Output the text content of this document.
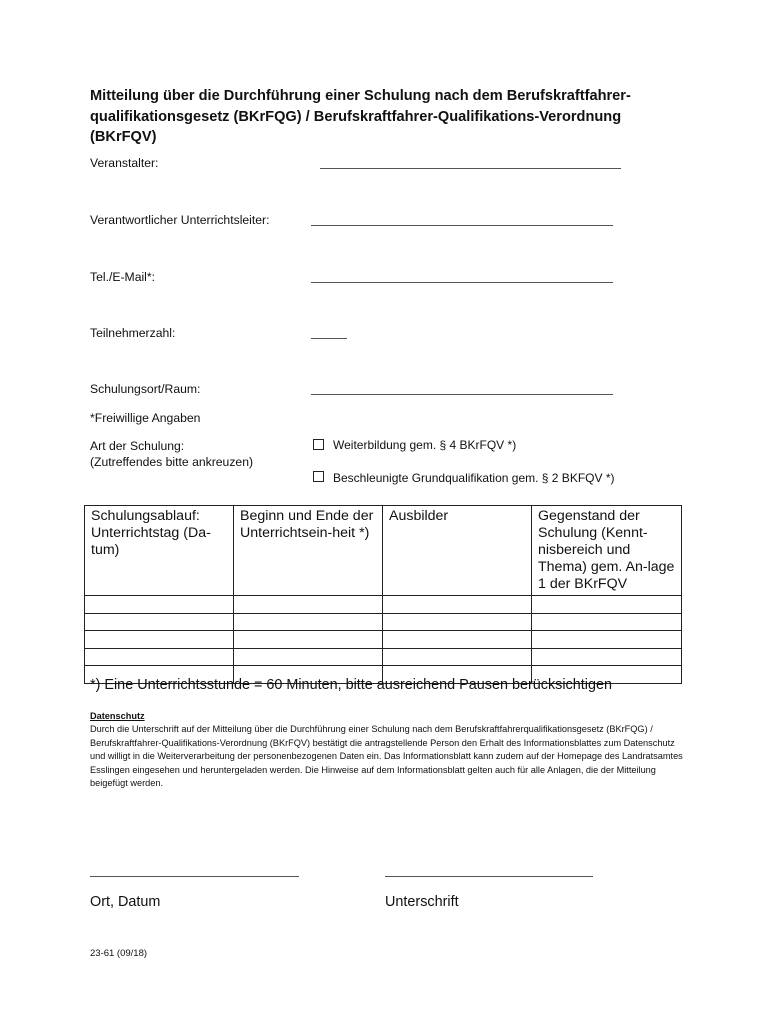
Mitteilung über die Durchführung einer Schulung nach dem Berufskraftfahrer-qualifikationsgesetz (BKrFQG) / Berufskraftfahrer-Qualifikations-Verordnung (BKrFQV)
Veranstalter:
Verantwortlicher Unterrichtsleiter:
Tel./E-Mail*:
Teilnehmerzahl:
Schulungsort/Raum:
*Freiwillige Angaben
Art der Schulung:
(Zutreffendes bitte ankreuzen)
Weiterbildung gem. § 4 BKrFQV *)
Beschleunigte Grundqualifikation gem. § 2 BKFQV *)
Schulungsablauf: Unterrichtstag (Da-tum)	Beginn und Ende der Unterrichtsein-heit *)	Ausbilder	Gegenstand der Schulung (Kennt-nisbereich und Thema) gem. An-lage 1 der BKrFQV

*) Eine Unterrichtsstunde = 60 Minuten, bitte ausreichend Pausen berücksichtigen
Datenschutz
Durch die Unterschrift auf der Mitteilung über die Durchführung einer Schulung nach dem Berufskraftfahrerqualifikationsgesetz (BKrFQG) / Berufskraftfahrer-Qualifikations-Verordnung (BKrFQV) bestätigt die antragstellende Person den Erhalt des Informationsblattes zum Datenschutz und willigt in die Weiterverarbeitung der personenbezogenen Daten ein. Das Informationsblatt kann zudem auf der Homepage des Landratsamtes Esslingen eingesehen und heruntergeladen werden. Die Hinweise auf dem Informationsblatt gelten auch für alle Anlagen, die der Mitteilung beigefügt werden.
Ort, Datum	Unterschrift
23-61 (09/18)
